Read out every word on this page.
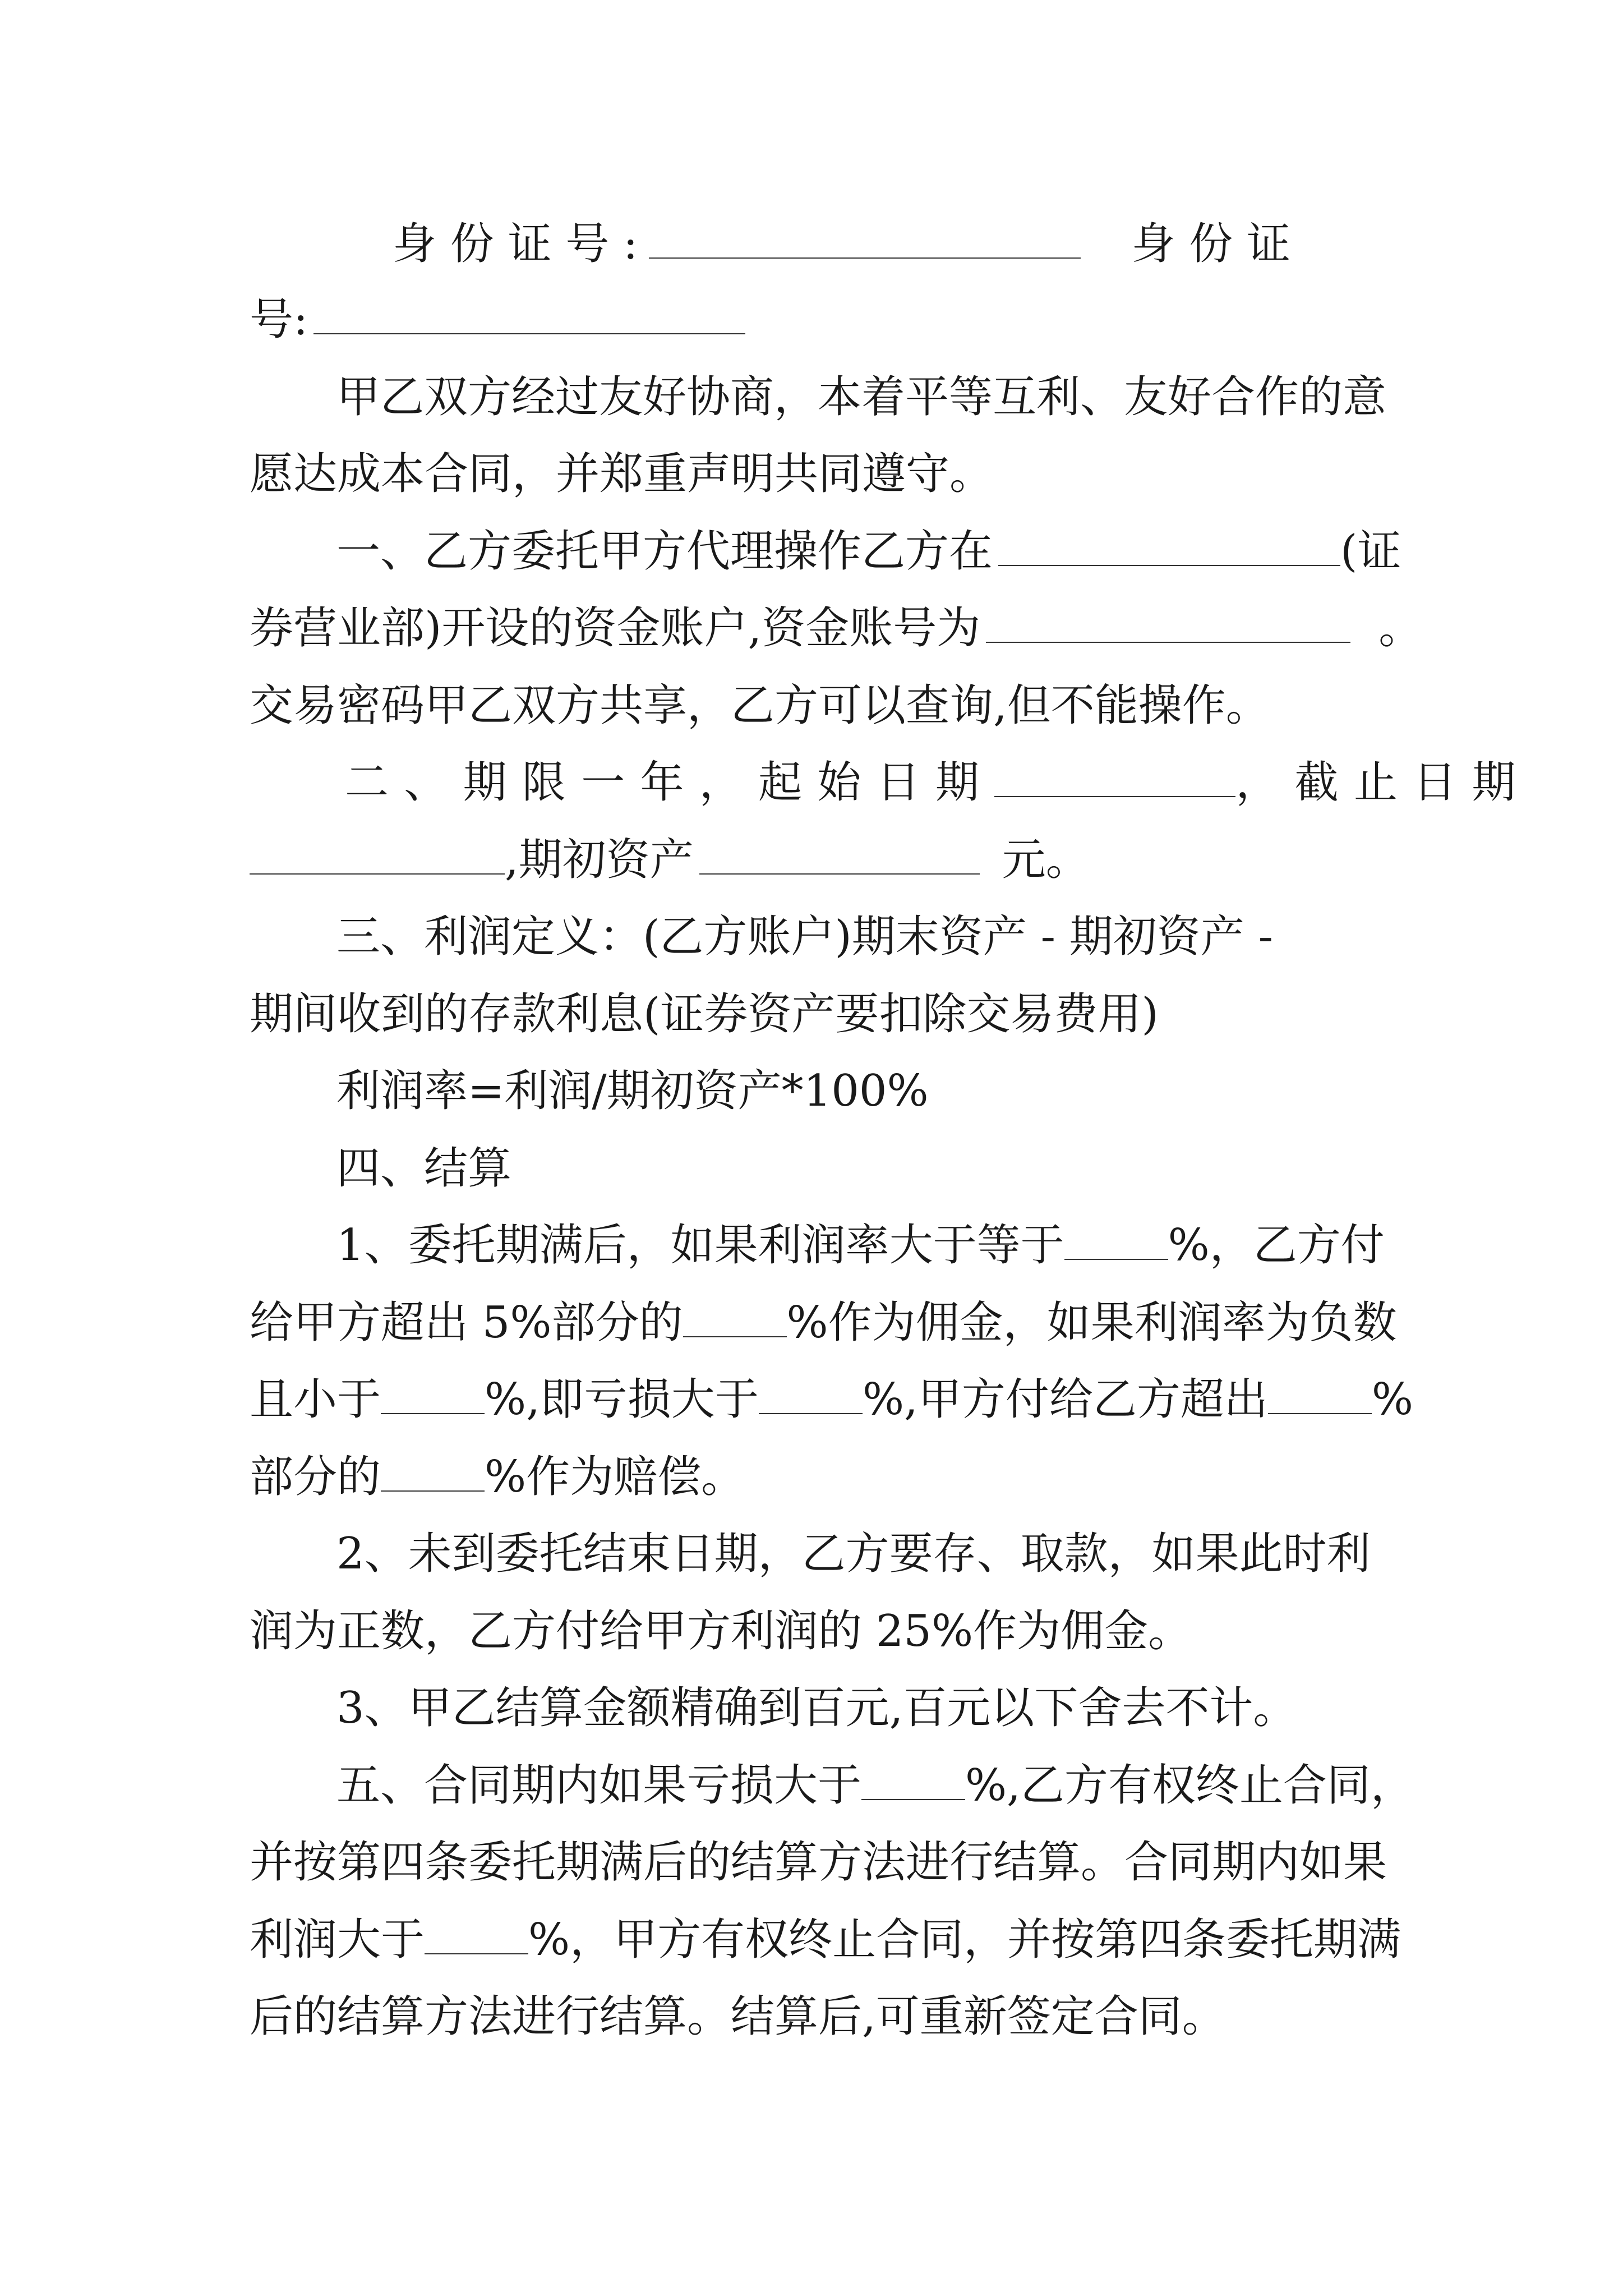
身 份 证 号 :	身 份 证
号:
甲乙双方经过友好协商，本着平等互利、友好合作的意
愿达成本合同，并郑重声明共同遵守。
一、乙方委托甲方代理操作乙方在	(证
券营业部)开设的资金账户,资金账号为	。
交易密码甲乙双方共享，乙方可以查询,但不能操作。
二、期限一年，起始日期	，截止日期
,期初资产	元。
三、利润定义：(乙方账户)期末资产 - 期初资产 -
期间收到的存款利息(证券资产要扣除交易费用)
利润率=利润/期初资产*100%
四、结算
1、委托期满后，如果利润率大于等于 %，乙方付
给甲方超出 5%部分的 %作为佣金，如果利润率为负数
且小于 %,即亏损大于 %,甲方付给乙方超出 %
部分的 %作为赔偿。
2、未到委托结束日期，乙方要存、取款，如果此时利
润为正数，乙方付给甲方利润的 25%作为佣金。
3、甲乙结算金额精确到百元,百元以下舍去不计。
五、合同期内如果亏损大于 %,乙方有权终止合同，
并按第四条委托期满后的结算方法进行结算。合同期内如果
利润大于 %，甲方有权终止合同，并按第四条委托期满
后的结算方法进行结算。结算后,可重新签定合同。
